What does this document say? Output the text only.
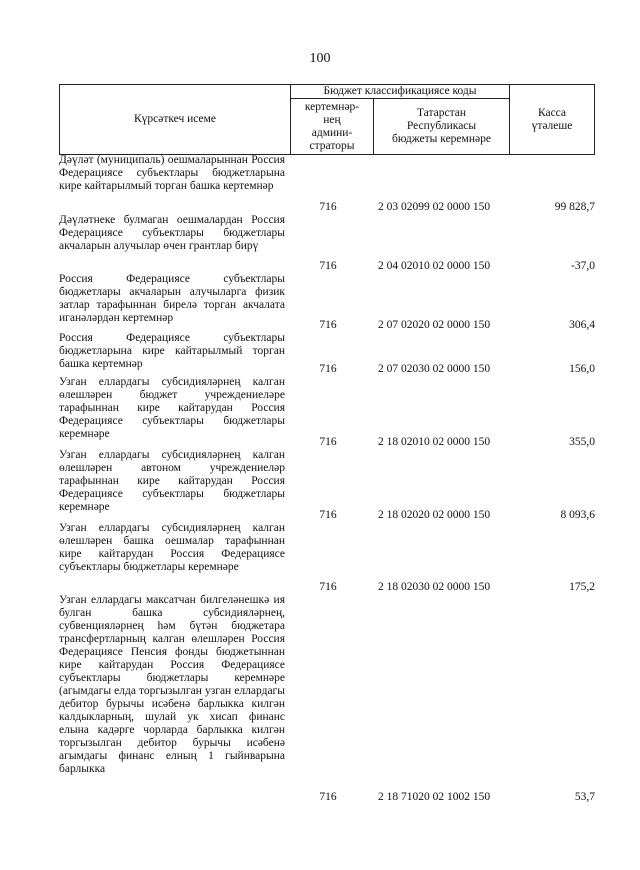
100
Күрсәткеч исеме	Бюджет классификациясе коды		Касса
үтәлеше
	кертемнәр-
нең
админи-
страторы	Татарстан
Республикасы
бюджеты керемнәре	
Дәүләт (муниципаль) оешмаларыннан Россия Федерациясе субъектлары бюджетларына кире кайтарылмый торган башка кертемнәр
716	2 03 02099 02 0000 150	99 828,7
Дәүләтнеке булмаган оешмалардан Россия Федерациясе субъектлары бюджетлары акчаларын алучылар өчен грантлар бирү
716	2 04 02010 02 0000 150	-37,0
Россия Федерациясе субъектлары бюджетлары акчаларын алучыларга физик затлар тарафыннан бирелә торган акчалата иганәләрдән кертемнәр
716	2 07 02020 02 0000 150	306,4
Россия Федерациясе субъектлары бюджетларына кире кайтарылмый торган башка кертемнәр	716	2 07 02030 02 0000 150	156,0
Узган еллардагы субсидияләрнең калган өлешләрен бюджет учреждениеләре тарафыннан кире кайтарудан Россия Федерациясе субъектлары бюджетлары керемнәре
716	2 18 02010 02 0000 150	355,0
Узган еллардагы субсидияләрнең калган өлешләрен автоном учреждениеләр тарафыннан кире кайтарудан Россия Федерациясе субъектлары бюджетлары керемнәре
716	2 18 02020 02 0000 150	8 093,6
Узган еллардагы субсидияләрнең калган өлешләрен башка оешмалар тарафыннан кире кайтарудан Россия Федерациясе субъектлары бюджетлары керемнәре
716	2 18 02030 02 0000 150	175,2
Узган еллардагы максатчан билгеләнешкә ия булган башка субсидияләрнең, субвенцияләрнең һәм бүтән бюджетара трансфертларның калган өлешләрен Россия Федерациясе Пенсия фонды бюджетыннан кире кайтарудан Россия Федерациясе субъектлары бюджетлары керемнәре (агымдагы елда торгызылган узган еллардагы дебитор бурычы исәбенә барлыкка килгән калдыкларның, шулай ук хисап финанс елына кадәрге чорларда барлыкка килгән торгызылган дебитор бурычы исәбенә агымдагы финанс елның 1 гыйнварына барлыкка
716	2 18 71020 02 1002 150	53,7
